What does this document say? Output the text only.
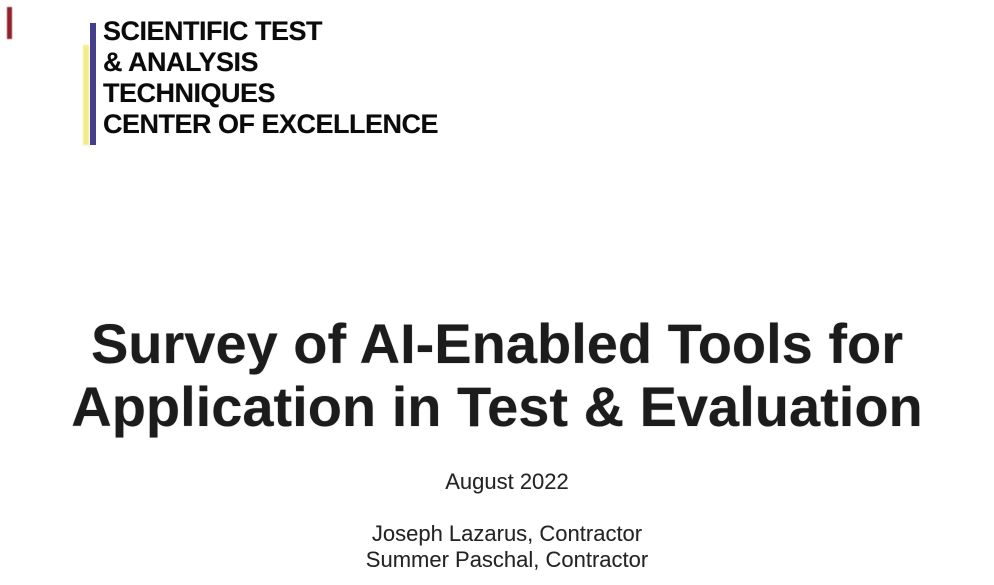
SCIENTIFIC TEST
& ANALYSIS
TECHNIQUES
CENTER OF EXCELLENCE
Survey of AI-Enabled Tools for
Application in Test & Evaluation
August 2022
Joseph Lazarus, Contractor
Summer Paschal, Contractor
